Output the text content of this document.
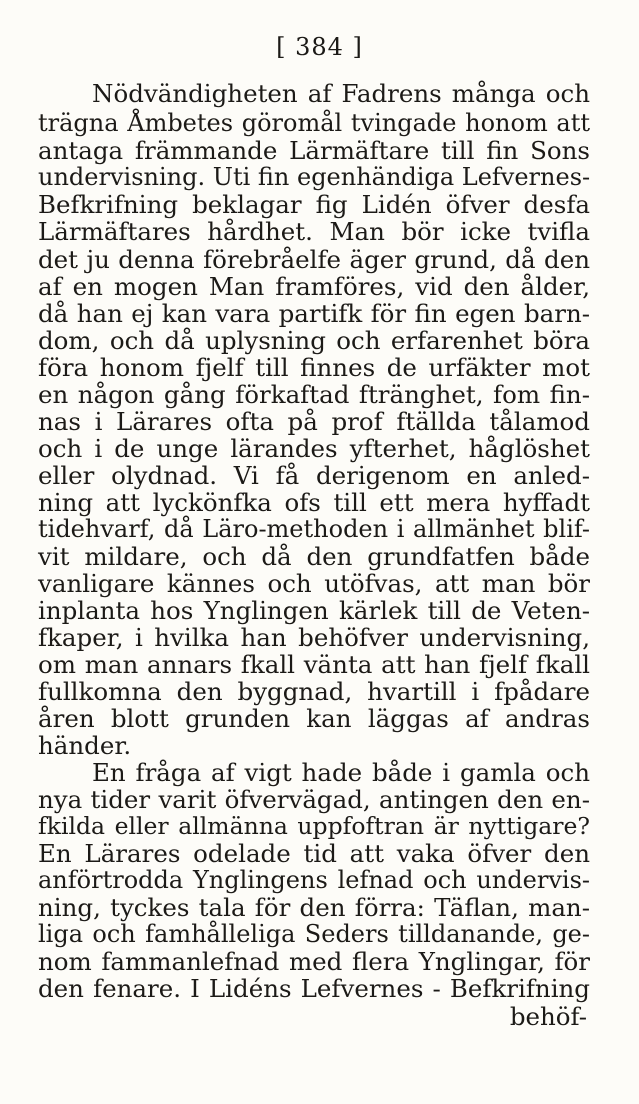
[ 384 ]
Nödvändigheten af Fadrens många och
trägna Åmbetes göromål tvingade honom att
antaga främmande Lärmäftare till fin Sons
undervisning. Uti fin egenhändiga Lefvernes-
Befkrifning beklagar fig Lidén öfver desfa
Lärmäftares hårdhet. Man bör icke tvifla
det ju denna förebråelfe äger grund, då den
af en mogen Man framföres, vid den ålder,
då han ej kan vara partifk för fin egen barn-
dom, och då uplysning och erfarenhet böra
föra honom fjelf till finnes de urfäkter mot
en någon gång förkaftad ftränghet, fom fin-
nas i Lärares ofta på prof ftällda tålamod
och i de unge lärandes yfterhet, håglöshet
eller olydnad. Vi få derigenom en anled-
ning att lyckönfka ofs till ett mera hyffadt
tidehvarf, då Läro-methoden i allmänhet blif-
vit mildare, och då den grundfatfen både
vanligare kännes och utöfvas, att man bör
inplanta hos Ynglingen kärlek till de Veten-
fkaper, i hvilka han behöfver undervisning,
om man annars fkall vänta att han fjelf fkall
fullkomna den byggnad, hvartill i fpådare
åren blott grunden kan läggas af andras
händer.
En fråga af vigt hade både i gamla och
nya tider varit öfvervägad, antingen den en-
fkilda eller allmänna uppfoftran är nyttigare?
En Lärares odelade tid att vaka öfver den
anförtrodda Ynglingens lefnad och undervis-
ning, tyckes tala för den förra: Täflan, man-
liga och famhålleliga Seders tilldanande, ge-
nom fammanlefnad med flera Ynglingar, för
den fenare. I Lidéns Lefvernes - Befkrifning
behöf-
